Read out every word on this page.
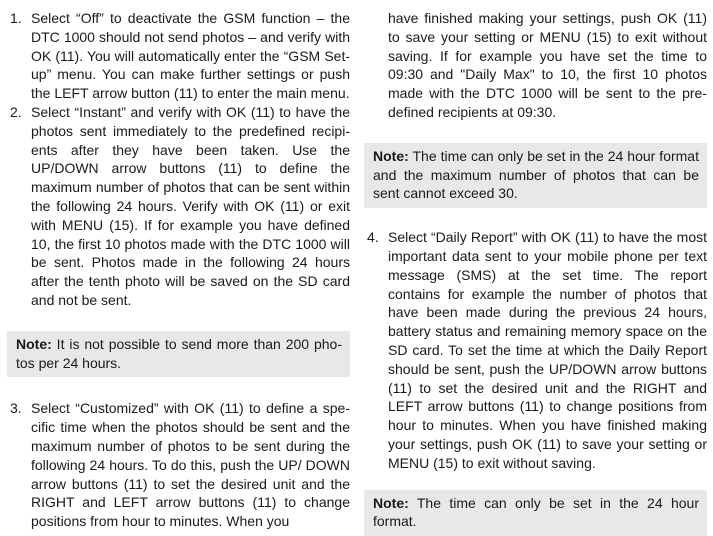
1. Select “Off” to deactivate the GSM function – the DTC 1000 should not send photos – and verify with OK (11). You will automatically enter the “GSM Setup” menu. You can make further settings or push the LEFT arrow button (11) to enter the main menu.
2. Select “Instant” and verify with OK (11) to have the photos sent immediately to the predefined recipients after they have been taken. Use the UP/DOWN arrow buttons (11) to define the maximum number of photos that can be sent within the following 24 hours. Verify with OK (11) or exit with MENU (15). If for example you have defined 10, the first 10 photos made with the DTC 1000 will be sent. Photos made in the following 24 hours after the tenth photo will be saved on the SD card and not be sent.
Note: It is not possible to send more than 200 photos per 24 hours.
3. Select “Customized” with OK (11) to define a specific time when the photos should be sent and the maximum number of photos to be sent during the following 24 hours. To do this, push the UP/ DOWN arrow buttons (11) to set the desired unit and the RIGHT and LEFT arrow buttons (11) to change positions from hour to minutes. When you
have finished making your settings, push OK (11) to save your setting or MENU (15) to exit without saving. If for example you have set the time to 09:30 and "Daily Max" to 10, the first 10 photos made with the DTC 1000 will be sent to the predefined recipients at 09:30.
Note: The time can only be set in the 24 hour format and the maximum number of photos that can be sent cannot exceed 30.
4. Select “Daily Report” with OK (11) to have the most important data sent to your mobile phone per text message (SMS) at the set time. The report contains for example the number of photos that have been made during the previous 24 hours, battery status and remaining memory space on the SD card. To set the time at which the Daily Report should be sent, push the UP/DOWN arrow buttons (11) to set the desired unit and the RIGHT and LEFT arrow buttons (11) to change positions from hour to minutes. When you have finished making your settings, push OK (11) to save your setting or MENU (15) to exit without saving.
Note: The time can only be set in the 24 hour format.
